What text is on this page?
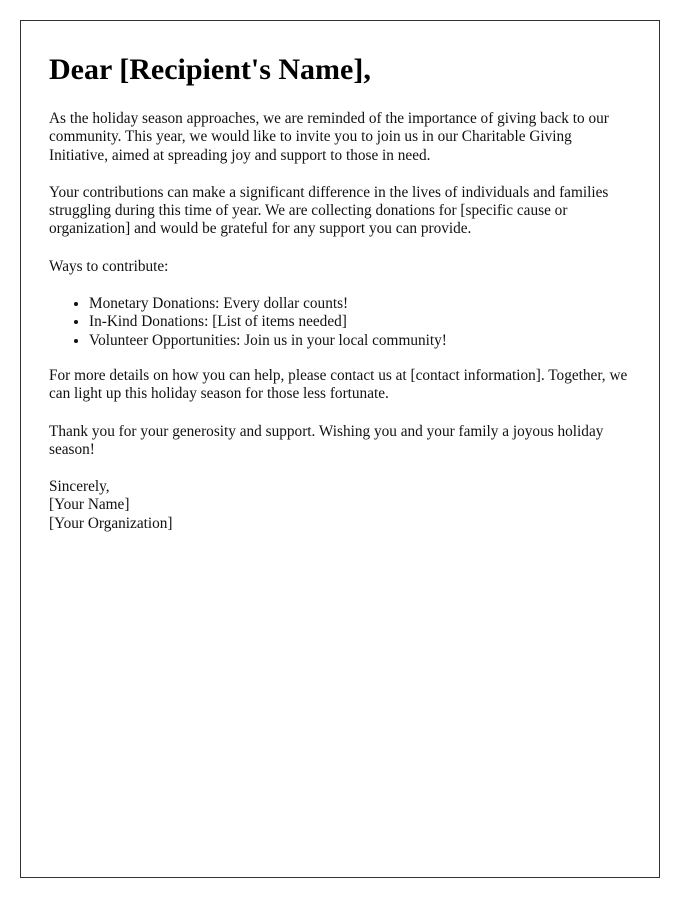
Dear [Recipient's Name],

As the holiday season approaches, we are reminded of the importance of giving back to our community. This year, we would like to invite you to join us in our Charitable Giving Initiative, aimed at spreading joy and support to those in need.

Your contributions can make a significant difference in the lives of individuals and families struggling during this time of year. We are collecting donations for [specific cause or organization] and would be grateful for any support you can provide.

Ways to contribute:

• Monetary Donations: Every dollar counts!
• In-Kind Donations: [List of items needed]
• Volunteer Opportunities: Join us in your local community!

For more details on how you can help, please contact us at [contact information]. Together, we can light up this holiday season for those less fortunate.

Thank you for your generosity and support. Wishing you and your family a joyous holiday season!

Sincerely,

[Your Name]

[Your Organization]
